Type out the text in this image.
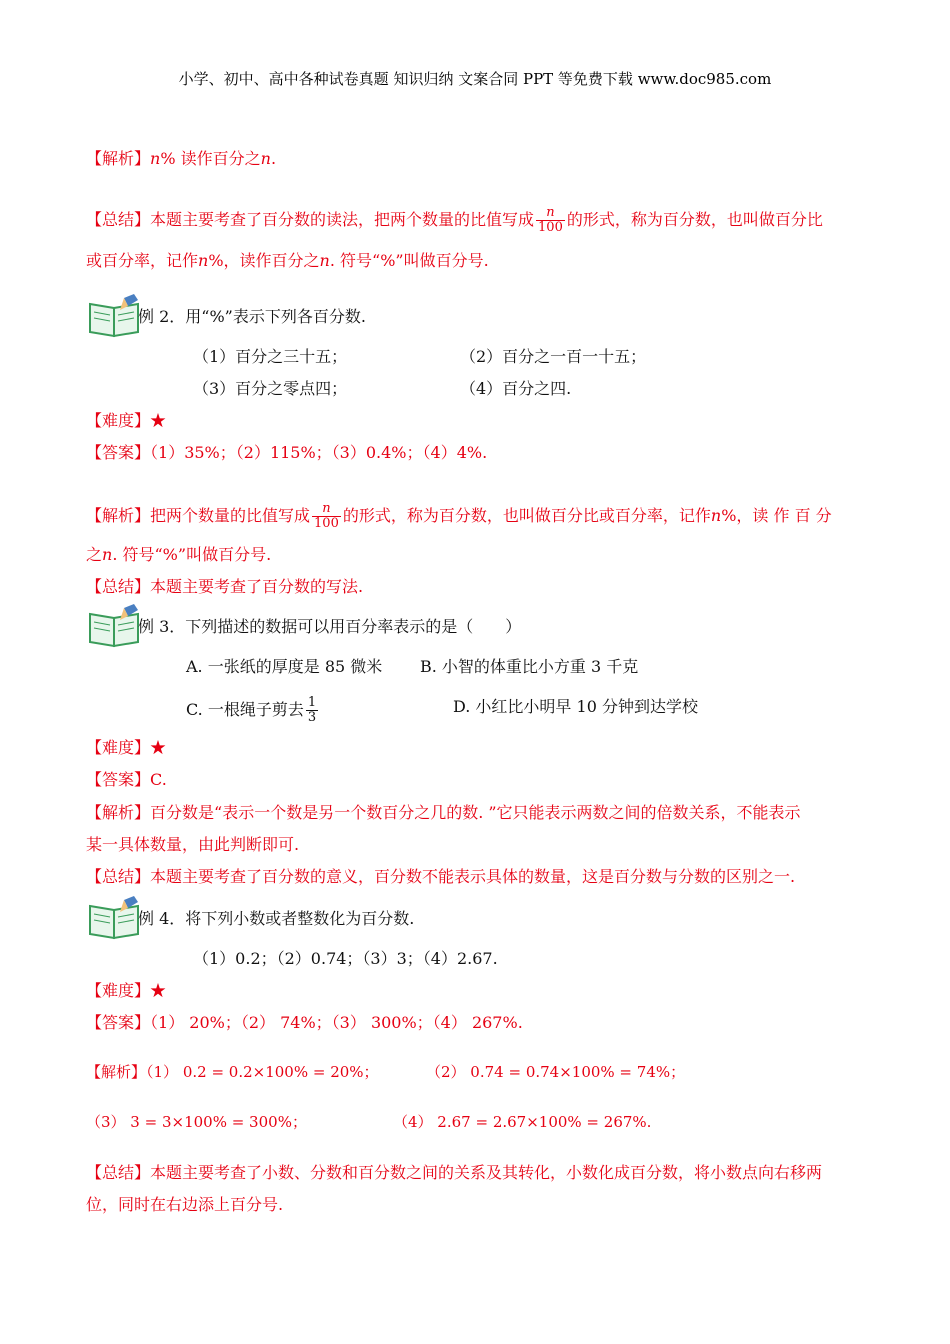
小学、初中、高中各种试卷真题 知识归纳 文案合同 PPT 等免费下载 www.doc985.com
【解析】n% 读作百分之n.
【总结】本题主要考查了百分数的读法，把两个数量的比值写成 $\frac{n}{100}$ 的形式，称为百分数，也叫做百分比
或百分率，记作n%，读作百分之n. 符号“%”叫做百分号.
例 2．用“%”表示下列各百分数.
（1）百分之三十五；	（2）百分之一百一十五；
（3）百分之零点四；	（4）百分之四.
【难度】★
【答案】（1）35%；（2）115%；（3）0.4%；（4）4%.
【解析】把两个数量的比值写成 $\frac{n}{100}$ 的形式，称为百分数，也叫做百分比或百分率，记作n%，读 作 百 分
之n. 符号“%”叫做百分号.
【总结】本题主要考查了百分数的写法.
例 3．下列描述的数据可以用百分率表示的是（　　）
A. 一张纸的厚度是 85 微米 B. 小智的体重比小方重 3 千克
C. 一根绳子剪去 $\frac{1}{3}$	D. 小红比小明早 10 分钟到达学校
【难度】★
【答案】C.
【解析】百分数是“表示一个数是另一个数百分之几的数. ”它只能表示两数之间的倍数关系，不能表示
某一具体数量，由此判断即可.
【总结】本题主要考查了百分数的意义，百分数不能表示具体的数量，这是百分数与分数的区别之一.
例 4．将下列小数或者整数化为百分数.
（1）0.2；（2）0.74；（3）3；（4）2.67.
【难度】★
【答案】（1） 20%；（2） 74%；（3） 300%；（4） 267%.
【解析】（1） 0.2 = 0.2×100% = 20%；	（2） 0.74 = 0.74×100% = 74%；
（3） 3 = 3×100% = 300%；	（4） 2.67 = 2.67×100% = 267%.
【总结】本题主要考查了小数、分数和百分数之间的关系及其转化，小数化成百分数，将小数点向右移两
位，同时在右边添上百分号.
